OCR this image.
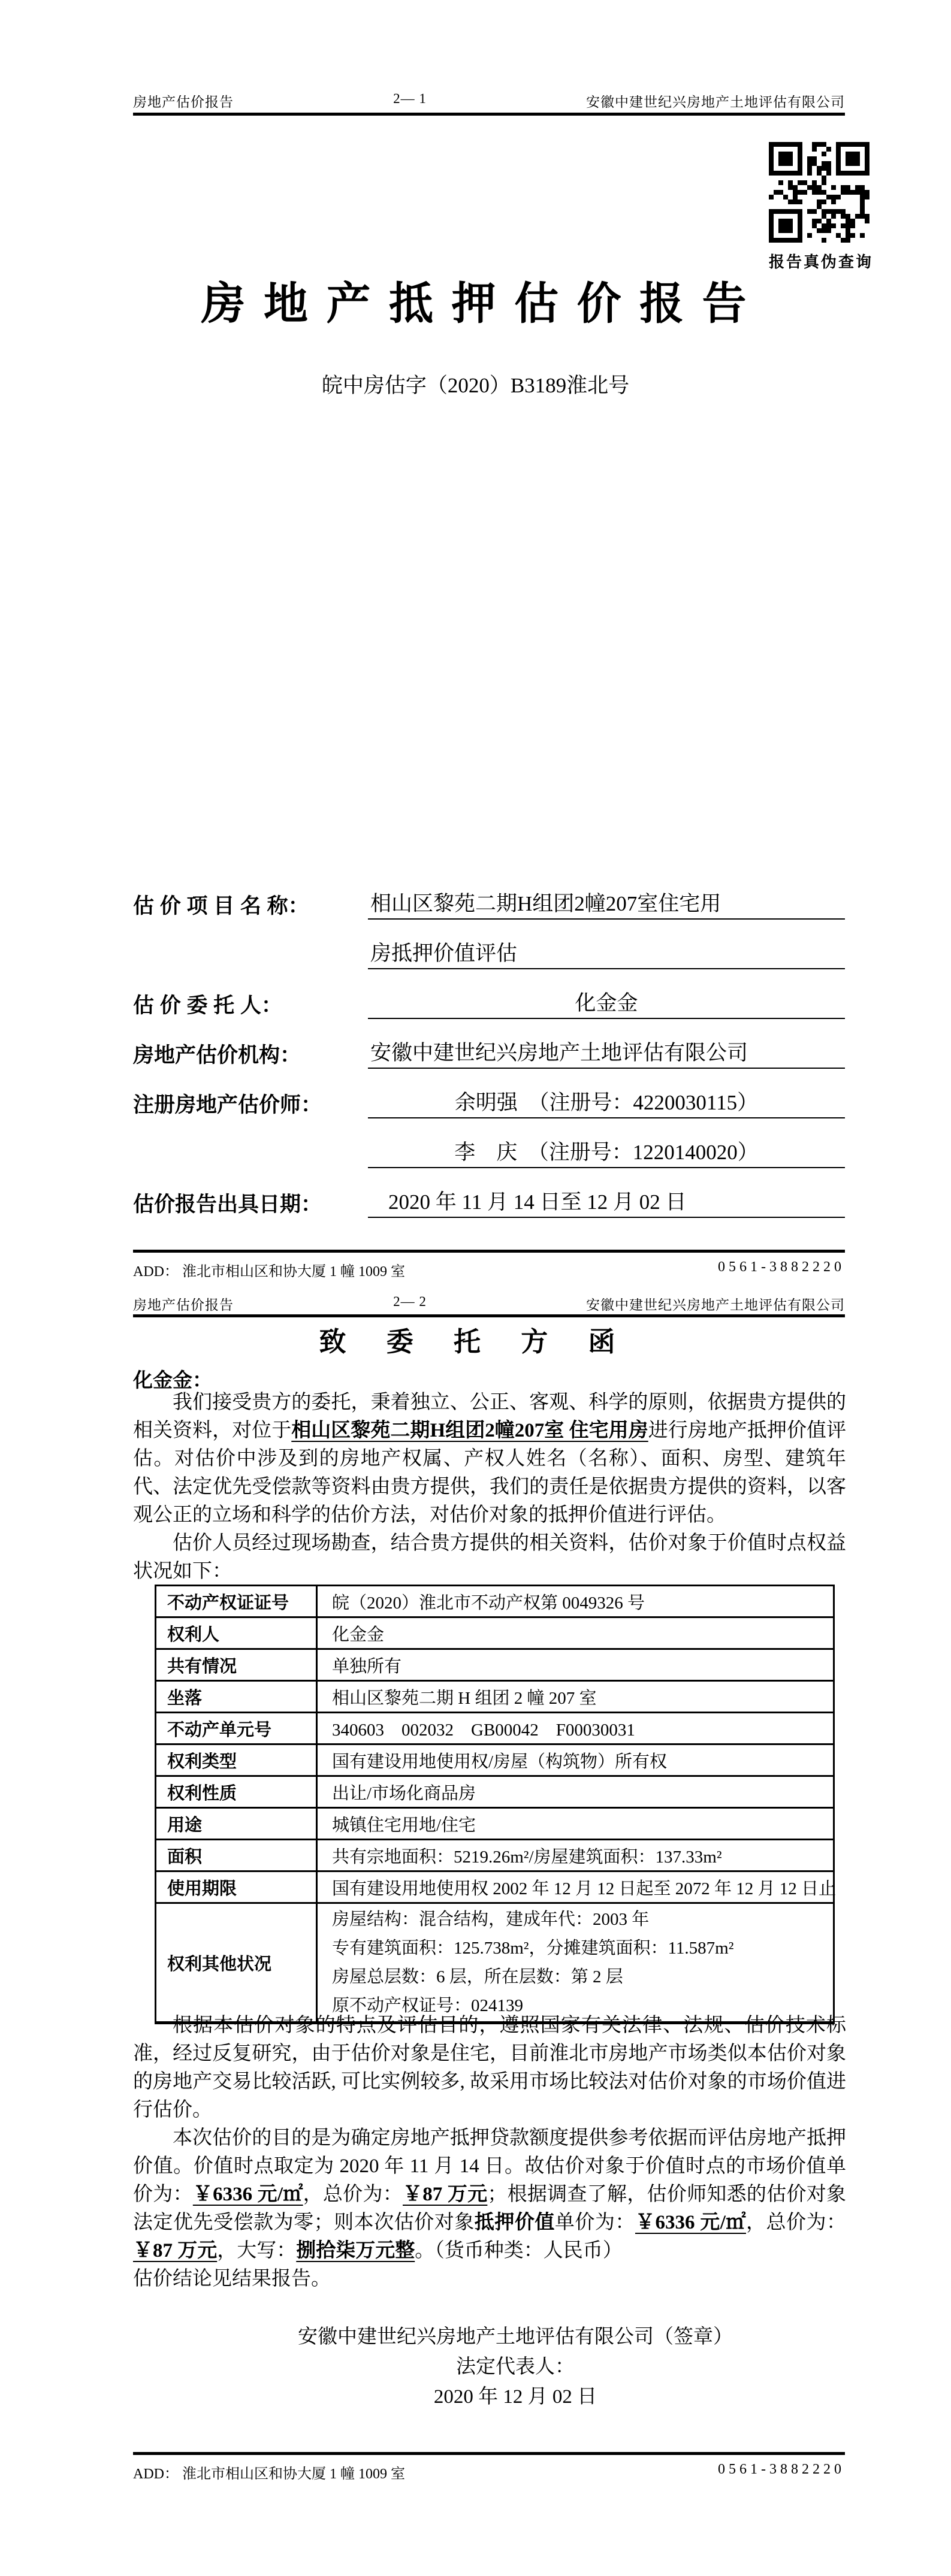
房地产估价报告	2— 1	安徽中建世纪兴房地产土地评估有限公司
报告真伪查询
房 地 产 抵 押 估 价 报 告
皖中房估字（2020）B3189淮北号
估 价 项 目 名 称：	相山区黎苑二期H组团2幢207室住宅用
房抵押价值评估
估 价 委 托 人：	化金金
房地产估价机构：	安徽中建世纪兴房地产土地评估有限公司
注册房地产估价师：	余明强　（注册号：4220030115）
李　庆　（注册号：1220140020）
估价报告出具日期：	2020 年 11 月 14 日至 12 月 02 日
ADD： 淮北市相山区和协大厦 1 幢 1009 室	0561-3882220
房地产估价报告	2— 2	安徽中建世纪兴房地产土地评估有限公司
致 委 托 方 函
化金金：

我们接受贵方的委托，秉着独立、公正、客观、科学的原则，依据贵方提供的相关资料，对位于相山区黎苑二期H组团2幢207室 住宅用房进行房地产抵押价值评估。对估价中涉及到的房地产权属、产权人姓名（名称）、面积、房型、建筑年代、法定优先受偿款等资料由贵方提供，我们的责任是依据贵方提供的资料，以客观公正的立场和科学的估价方法，对估价对象的抵押价值进行评估。

估价人员经过现场勘查，结合贵方提供的相关资料，估价对象于价值时点权益状况如下：

不动产权证证号	皖（2020）淮北市不动产权第 0049326 号
权利人	化金金
共有情况	单独所有
坐落	相山区黎苑二期 H 组团 2 幢 207 室
不动产单元号	340603　002032　GB00042　F00030031
权利类型	国有建设用地使用权/房屋（构筑物）所有权
权利性质	出让/市场化商品房
用途	城镇住宅用地/住宅
面积	共有宗地面积：5219.26m²/房屋建筑面积：137.33m²
使用期限	国有建设用地使用权 2002 年 12 月 12 日起至 2072 年 12 月 12 日止
权利其他状况
房屋结构：混合结构，建成年代：2003 年
专有建筑面积：125.738m²，分摊建筑面积：11.587m²
房屋总层数：6 层，所在层数：第 2 层
原不动产权证号：024139

根据本估价对象的特点及评估目的，遵照国家有关法律、法规、估价技术标准，经过反复研究，由于估价对象是住宅，目前淮北市房地产市场类似本估价对象的房地产交易比较活跃, 可比实例较多, 故采用市场比较法对估价对象的市场价值进行估价。

本次估价的目的是为确定房地产抵押贷款额度提供参考依据而评估房地产抵押价值。价值时点取定为 2020 年 11 月 14 日。故估价对象于价值时点的市场价值单价为：￥6336 元/㎡，总价为：￥87 万元；根据调查了解，估价师知悉的估价对象法定优先受偿款为零；则本次估价对象抵押价值单价为：￥6336 元/㎡，总价为：￥87 万元，大写：捌拾柒万元整。（货币种类：人民币）

估价结论见结果报告。

安徽中建世纪兴房地产土地评估有限公司（签章）
法定代表人：
2020 年 12 月 02 日
ADD： 淮北市相山区和协大厦 1 幢 1009 室	0561-3882220
